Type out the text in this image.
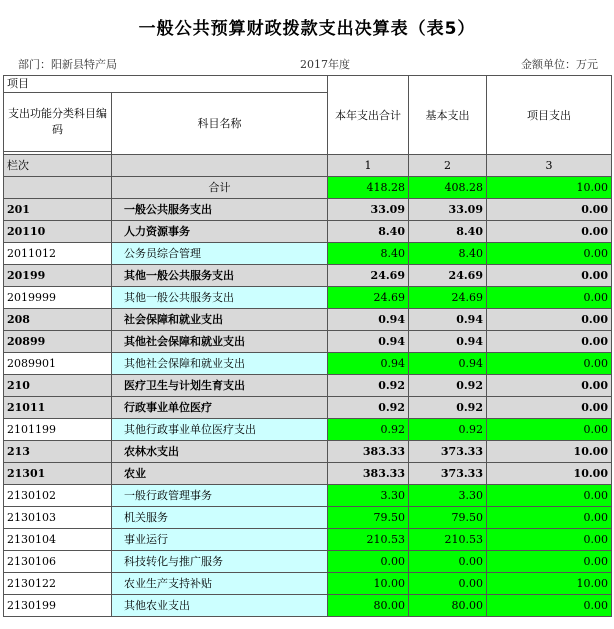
一般公共预算财政拨款支出决算表（表5）
部门：阳新县特产局	2017年度	金额单位：万元
项目		本年支出合计	基本支出	项目支出
支出功能分类科目编码	科目名称			

栏次		1	2	3
	合计	418.28	408.28	10.00
201	一般公共服务支出	33.09	33.09	0.00
20110	人力资源事务	8.40	8.40	0.00
2011012	公务员综合管理	8.40	8.40	0.00
20199	其他一般公共服务支出	24.69	24.69	0.00
2019999	其他一般公共服务支出	24.69	24.69	0.00
208	社会保障和就业支出	0.94	0.94	0.00
20899	其他社会保障和就业支出	0.94	0.94	0.00
2089901	其他社会保障和就业支出	0.94	0.94	0.00
210	医疗卫生与计划生育支出	0.92	0.92	0.00
21011	行政事业单位医疗	0.92	0.92	0.00
2101199	其他行政事业单位医疗支出	0.92	0.92	0.00
213	农林水支出	383.33	373.33	10.00
21301	农业	383.33	373.33	10.00
2130102	一般行政管理事务	3.30	3.30	0.00
2130103	机关服务	79.50	79.50	0.00
2130104	事业运行	210.53	210.53	0.00
2130106	科技转化与推广服务	0.00	0.00	0.00
2130122	农业生产支持补贴	10.00	0.00	10.00
2130199	其他农业支出	80.00	80.00	0.00
